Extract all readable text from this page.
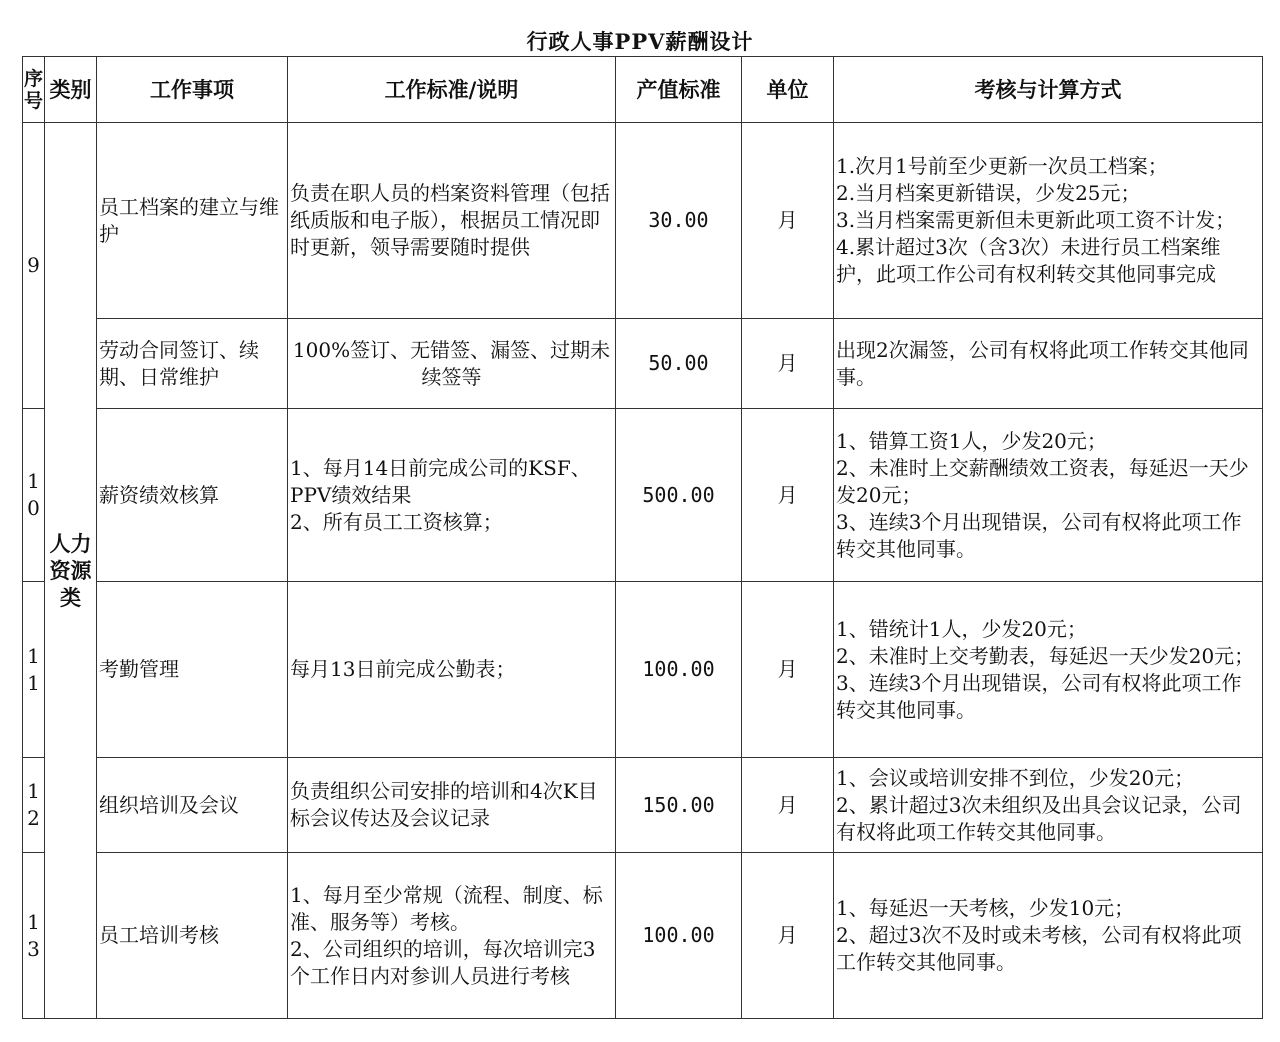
行政人事PPV薪酬设计
序号	类别	工作事项	工作标准/说明	产值标准	单位	考核与计算方式
9	人力资源类	员工档案的建立与维护	负责在职人员的档案资料管理（包括纸质版和电子版），根据员工情况即时更新，领导需要随时提供	30.00	月	1.次月1号前至少更新一次员工档案；
2.当月档案更新错误，少发25元；
3.当月档案需更新但未更新此项工资不计发；
4.累计超过3次（含3次）未进行员工档案维护，此项工作公司有权利转交其他同事完成
		劳动合同签订、续期、日常维护	100%签订、无错签、漏签、过期未续签等	50.00	月	出现2次漏签，公司有权将此项工作转交其他同事。
10		薪资绩效核算	1、每月14日前完成公司的KSF、PPV绩效结果
2、所有员工工资核算；	500.00	月	1、错算工资1人，少发20元；
2、未准时上交薪酬绩效工资表，每延迟一天少发20元；
3、连续3个月出现错误，公司有权将此项工作转交其他同事。
11		考勤管理	每月13日前完成公勤表；	100.00	月	1、错统计1人，少发20元；
2、未准时上交考勤表，每延迟一天少发20元；
3、连续3个月出现错误，公司有权将此项工作转交其他同事。
12		组织培训及会议	负责组织公司安排的培训和4次K目标会议传达及会议记录	150.00	月	1、会议或培训安排不到位，少发20元；
2、累计超过3次未组织及出具会议记录，公司有权将此项工作转交其他同事。
13		员工培训考核	1、每月至少常规（流程、制度、标准、服务等）考核。
2、公司组织的培训，每次培训完3个工作日内对参训人员进行考核	100.00	月	1、每延迟一天考核，少发10元；
2、超过3次不及时或未考核，公司有权将此项工作转交其他同事。
